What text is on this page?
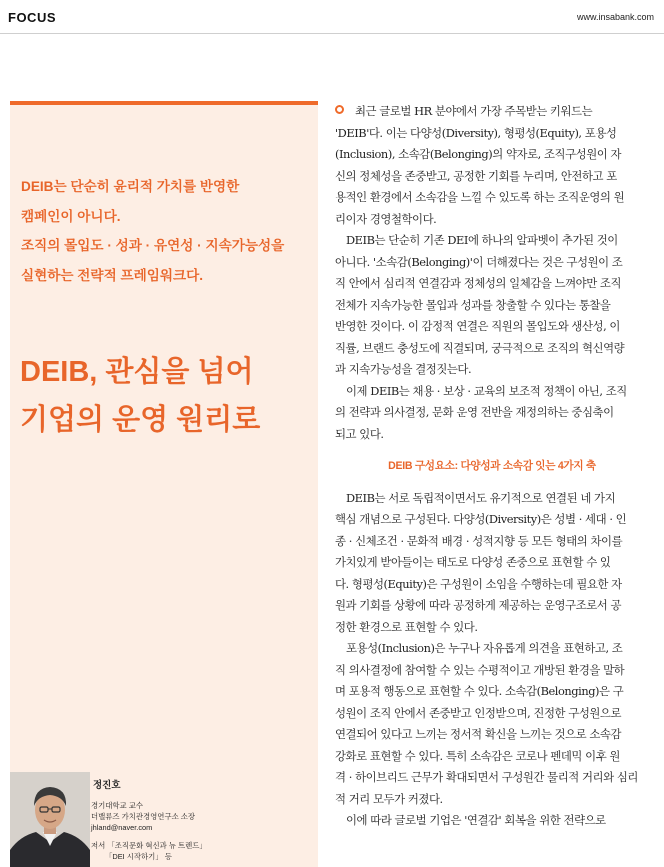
FOCUS	www.insabank.com
DEIB는 단순히 윤리적 가치를 반영한
캠페인이 아니다.
조직의 몰입도 · 성과 · 유연성 · 지속가능성을
실현하는 전략적 프레임워크다.
DEIB, 관심을 넘어
기업의 운영 원리로
정진호
경기대학교 교수
더밸류즈 가치관경영연구소 소장
jhland@naver.com
저서 「조직문화 혁신과 뉴 트렌드」
「DEI 시작하기」 등

최근 글로벌 HR 분야에서 가장 주목받는 키워드는
'DEIB'다. 이는 다양성(Diversity), 형평성(Equity), 포용성
(Inclusion), 소속감(Belonging)의 약자로, 조직구성원이 자
신의 정체성을 존중받고, 공정한 기회를 누리며, 안전하고 포
용적인 환경에서 소속감을 느낄 수 있도록 하는 조직운영의 원
리이자 경영철학이다.

DEIB는 단순히 기존 DEI에 하나의 알파벳이 추가된 것이
아니다. '소속감(Belonging)'이 더해졌다는 것은 구성원이 조
직 안에서 심리적 연결감과 정체성의 일체감을 느껴야만 조직
전체가 지속가능한 몰입과 성과를 창출할 수 있다는 통찰을
반영한 것이다. 이 감정적 연결은 직원의 몰입도와 생산성, 이
직률, 브랜드 충성도에 직결되며, 궁극적으로 조직의 혁신역량
과 지속가능성을 결정짓는다.

이제 DEIB는 채용 · 보상 · 교육의 보조적 정책이 아닌, 조직
의 전략과 의사결정, 문화 운영 전반을 재정의하는 중심축이
되고 있다.

DEIB 구성요소: 다양성과 소속감 잇는 4가지 축

DEIB는 서로 독립적이면서도 유기적으로 연결된 네 가지
핵심 개념으로 구성된다. 다양성(Diversity)은 성별 · 세대 · 인
종 · 신체조건 · 문화적 배경 · 성적지향 등 모든 형태의 차이를
가치있게 받아들이는 태도로 다양성 존중으로 표현할 수 있
다. 형평성(Equity)은 구성원이 소임을 수행하는데 필요한 자
원과 기회를 상황에 따라 공정하게 제공하는 운영구조로서 공
정한 환경으로 표현할 수 있다.

포용성(Inclusion)은 누구나 자유롭게 의견을 표현하고, 조
직 의사결정에 참여할 수 있는 수평적이고 개방된 환경을 말하
며 포용적 행동으로 표현할 수 있다. 소속감(Belonging)은 구
성원이 조직 안에서 존중받고 인정받으며, 진정한 구성원으로
연결되어 있다고 느끼는 정서적 확신을 느끼는 것으로 소속감
강화로 표현할 수 있다. 특히 소속감은 코로나 펜데믹 이후 원
격 · 하이브리드 근무가 확대되면서 구성원간 물리적 거리와 심리
적 거리 모두가 커졌다.

이에 따라 글로벌 기업은 '연결감' 회복을 위한 전략으로
